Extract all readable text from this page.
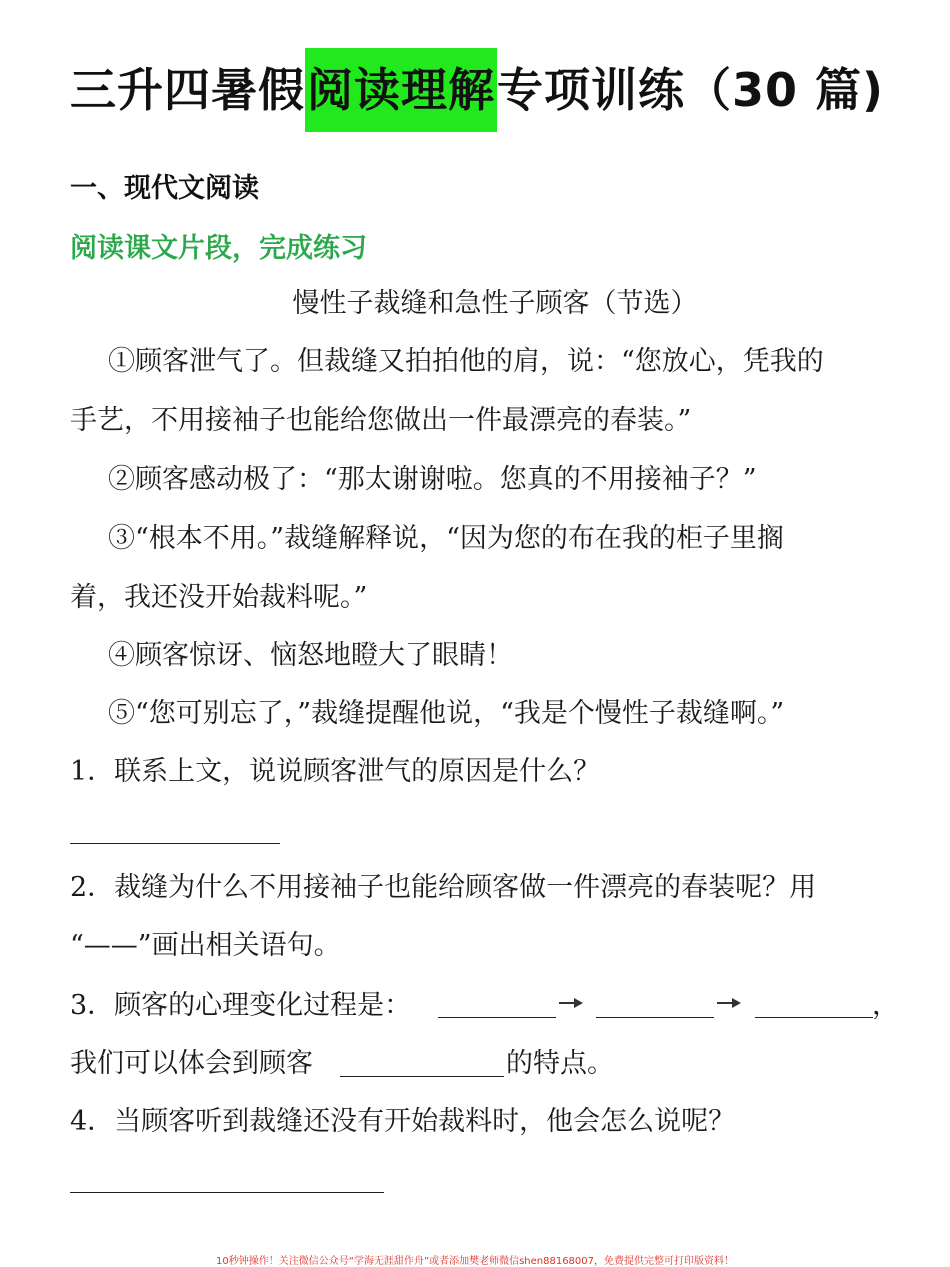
三升四暑假阅读理解专项训练（30 篇)
一、现代文阅读
阅读课文片段，完成练习
慢性子裁缝和急性子顾客（节选）
①顾客泄气了。但裁缝又拍拍他的肩，说：“您放心，凭我的
手艺，不用接袖子也能给您做出一件最漂亮的春装。”
②顾客感动极了：“那太谢谢啦。您真的不用接袖子？”
③“根本不用。”裁缝解释说，“因为您的布在我的柜子里搁
着，我还没开始裁料呢。”
④顾客惊讶、恼怒地瞪大了眼睛！
⑤“您可别忘了，”裁缝提醒他说，“我是个慢性子裁缝啊。”
1．联系上文，说说顾客泄气的原因是什么？
2．裁缝为什么不用接袖子也能给顾客做一件漂亮的春装呢？用
“——”画出相关语句。
3．顾客的心理变化过程是：	，
我们可以体会到顾客	的特点。
4．当顾客听到裁缝还没有开始裁料时，他会怎么说呢？
10秒钟操作！关注微信公众号“学海无涯甜作舟”或者添加樊老师微信shen88168007，免费提供完整可打印版资料！
